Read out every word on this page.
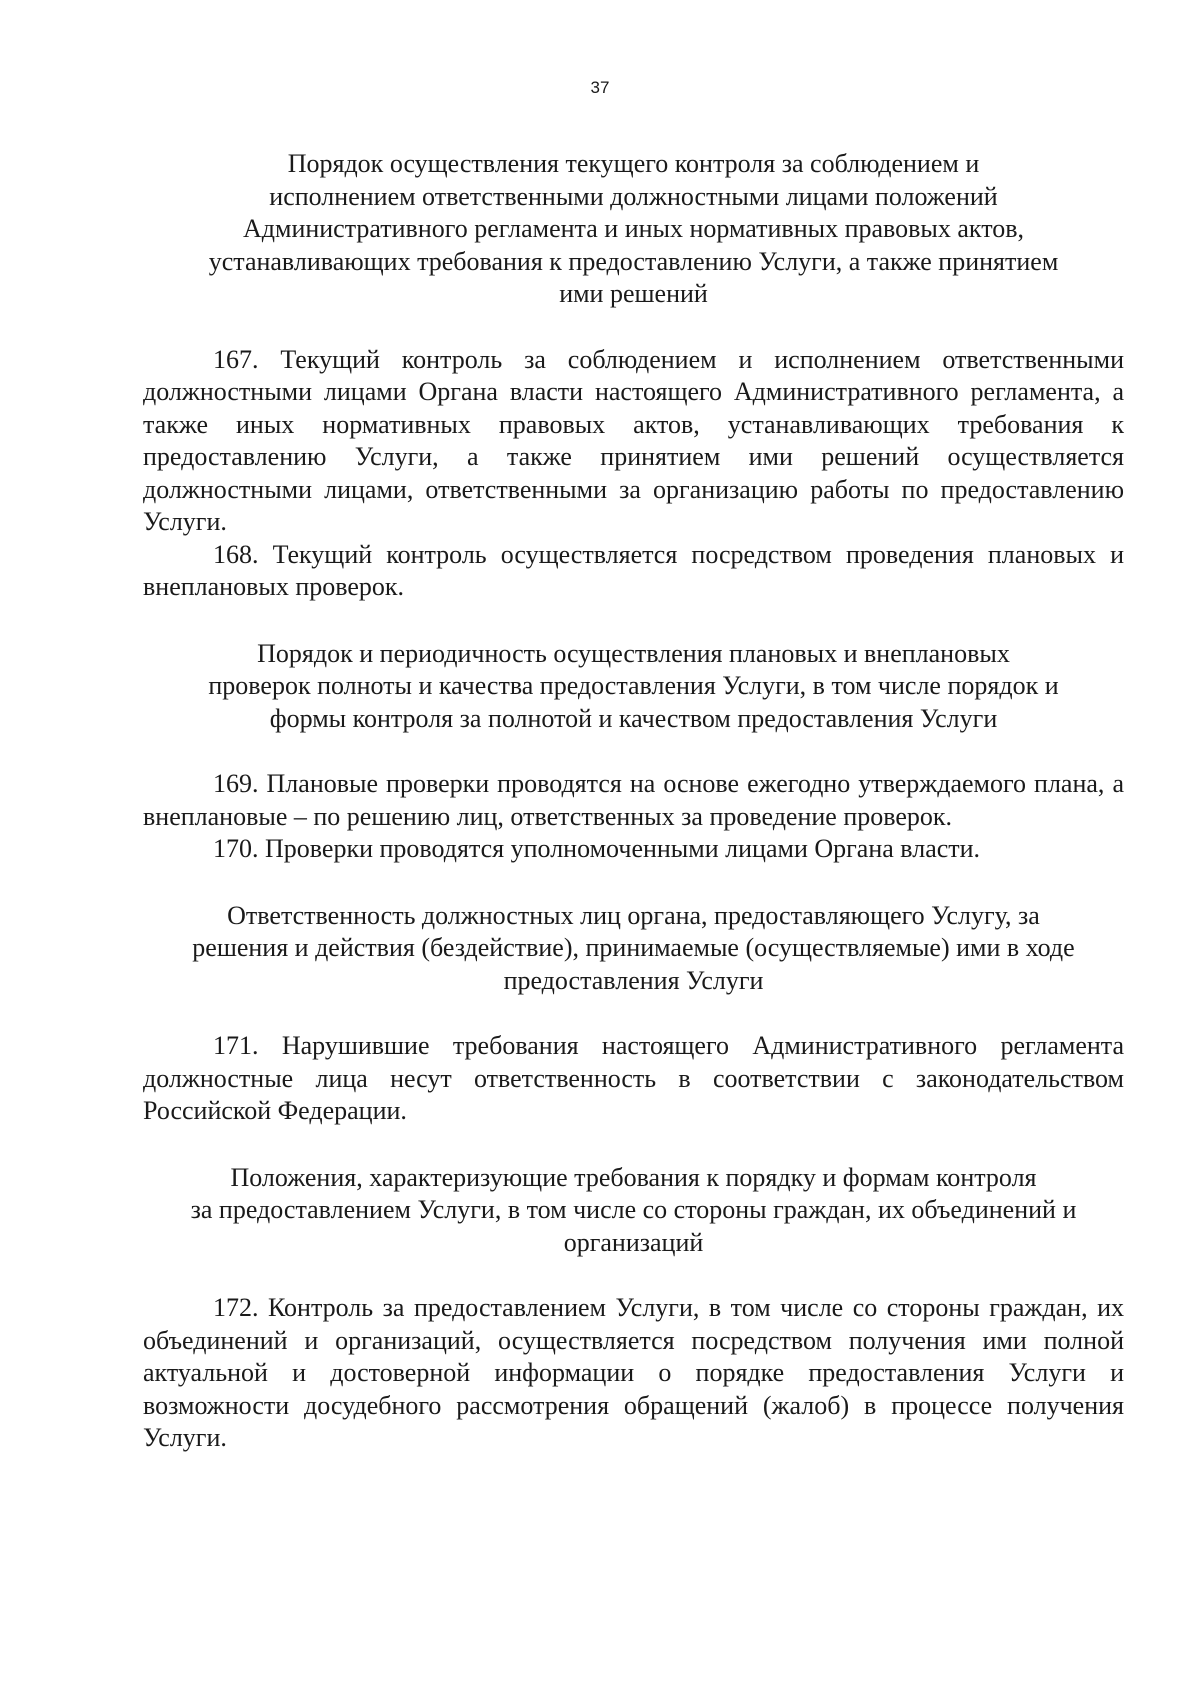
37
Порядок осуществления текущего контроля за соблюдением и
исполнением ответственными должностными лицами положений
Административного регламента и иных нормативных правовых актов,
устанавливающих требования к предоставлению Услуги, а также принятием
ими решений

167. Текущий контроль за соблюдением и исполнением ответственными должностными лицами Органа власти настоящего Административного регламента, а также иных нормативных правовых актов, устанавливающих требования к предоставлению Услуги, а также принятием ими решений осуществляется должностными лицами, ответственными за организацию работы по предоставлению Услуги.

168. Текущий контроль осуществляется посредством проведения плановых и внеплановых проверок.

Порядок и периодичность осуществления плановых и внеплановых
проверок полноты и качества предоставления Услуги, в том числе порядок и
формы контроля за полнотой и качеством предоставления Услуги

169. Плановые проверки проводятся на основе ежегодно утверждаемого плана, а внеплановые – по решению лиц, ответственных за проведение проверок.

170. Проверки проводятся уполномоченными лицами Органа власти.

Ответственность должностных лиц органа, предоставляющего Услугу, за
решения и действия (бездействие), принимаемые (осуществляемые) ими в ходе
предоставления Услуги

171. Нарушившие требования настоящего Административного регламента должностные лица несут ответственность в соответствии с законодательством Российской Федерации.

Положения, характеризующие требования к порядку и формам контроля
за предоставлением Услуги, в том числе со стороны граждан, их объединений и
организаций

172. Контроль за предоставлением Услуги, в том числе со стороны граждан, их объединений и организаций, осуществляется посредством получения ими полной актуальной и достоверной информации о порядке предоставления Услуги и возможности досудебного рассмотрения обращений (жалоб) в процессе получения Услуги.
